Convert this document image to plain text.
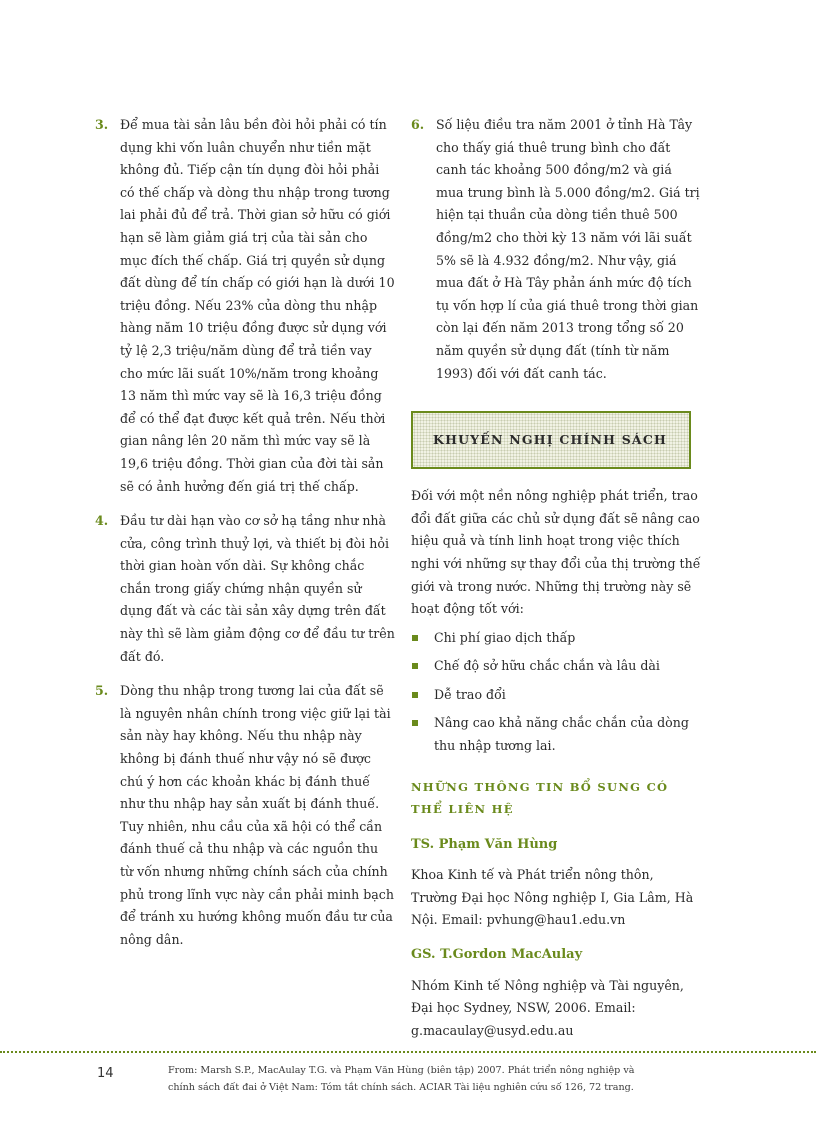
3. Để mua tài sản lâu bền đòi hỏi phải có tín dụng khi vốn luân chuyển như tiền mặt không đủ. Tiếp cận tín dụng đòi hỏi phải có thế chấp và dòng thu nhập trong tương lai phải đủ để trả. Thời gian sở hữu có giới hạn sẽ làm giảm giá trị của tài sản cho mục đích thế chấp. Giá trị quyền sử dụng đất dùng để tín chấp có giới hạn là dưới 10 triệu đồng. Nếu 23% của dòng thu nhập hàng năm 10 triệu đồng được sử dụng với tỷ lệ 2,3 triệu/năm dùng để trả tiền vay cho mức lãi suất 10%/năm trong khoảng 13 năm thì mức vay sẽ là 16,3 triệu đồng để có thể đạt được kết quả trên. Nếu thời gian nâng lên 20 năm thì mức vay sẽ là 19,6 triệu đồng. Thời gian của đời tài sản sẽ có ảnh hưởng đến giá trị thế chấp.
4. Đầu tư dài hạn vào cơ sở hạ tầng như nhà cửa, công trình thuỷ lợi, và thiết bị đòi hỏi thời gian hoàn vốn dài. Sự không chắc chắn trong giấy chứng nhận quyền sử dụng đất và các tài sản xây dựng trên đất này thì sẽ làm giảm động cơ để đầu tư trên đất đó.
5. Dòng thu nhập trong tương lai của đất sẽ là nguyên nhân chính trong việc giữ lại tài sản này hay không. Nếu thu nhập này không bị đánh thuế như vậy nó sẽ được chú ý hơn các khoản khác bị đánh thuế như thu nhập hay sản xuất bị đánh thuế. Tuy nhiên, nhu cầu của xã hội có thể cần đánh thuế cả thu nhập và các nguồn thu từ vốn nhưng những chính sách của chính phủ trong lĩnh vực này cần phải minh bạch để tránh xu hướng không muốn đầu tư của nông dân.
6. Số liệu điều tra năm 2001 ở tỉnh Hà Tây cho thấy giá thuê trung bình cho đất canh tác khoảng 500 đồng/m2 và giá mua trung bình là 5.000 đồng/m2. Giá trị hiện tại thuần của dòng tiền thuê 500 đồng/m2 cho thời kỳ 13 năm với lãi suất 5% sẽ là 4.932 đồng/m2. Như vậy, giá mua đất ở Hà Tây phản ánh mức độ tích tụ vốn hợp lí của giá thuê trong thời gian còn lại đến năm 2013 trong tổng số 20 năm quyền sử dụng đất (tính từ năm 1993) đối với đất canh tác.
KHUYẾN NGHỊ CHÍNH SÁCH

Đối với một nền nông nghiệp phát triển, trao đổi đất giữa các chủ sử dụng đất sẽ nâng cao hiệu quả và tính linh hoạt trong việc thích nghi với những sự thay đổi của thị trường thế giới và trong nước. Những thị trường này sẽ hoạt động tốt với:

Chi phí giao dịch thấp
Chế độ sở hữu chắc chắn và lâu dài
Dễ trao đổi
Nâng cao khả năng chắc chắn của dòng thu nhập tương lai.
NHỮNG THÔNG TIN BỔ SUNG CÓ THỂ LIÊN HỆ
TS. Phạm Văn Hùng
Khoa Kinh tế và Phát triển nông thôn, Trường Đại học Nông nghiệp I, Gia Lâm, Hà Nội. Email: pvhung@hau1.edu.vn
GS. T.Gordon MacAulay
Nhóm Kinh tế Nông nghiệp và Tài nguyên, Đại học Sydney, NSW, 2006. Email: g.macaulay@usyd.edu.au
14	From: Marsh S.P., MacAulay T.G. và Phạm Văn Hùng (biên tập) 2007. Phát triển nông nghiệp và chính sách đất đai ở Việt Nam: Tóm tắt chính sách. ACIAR Tài liệu nghiên cứu số 126, 72 trang.
